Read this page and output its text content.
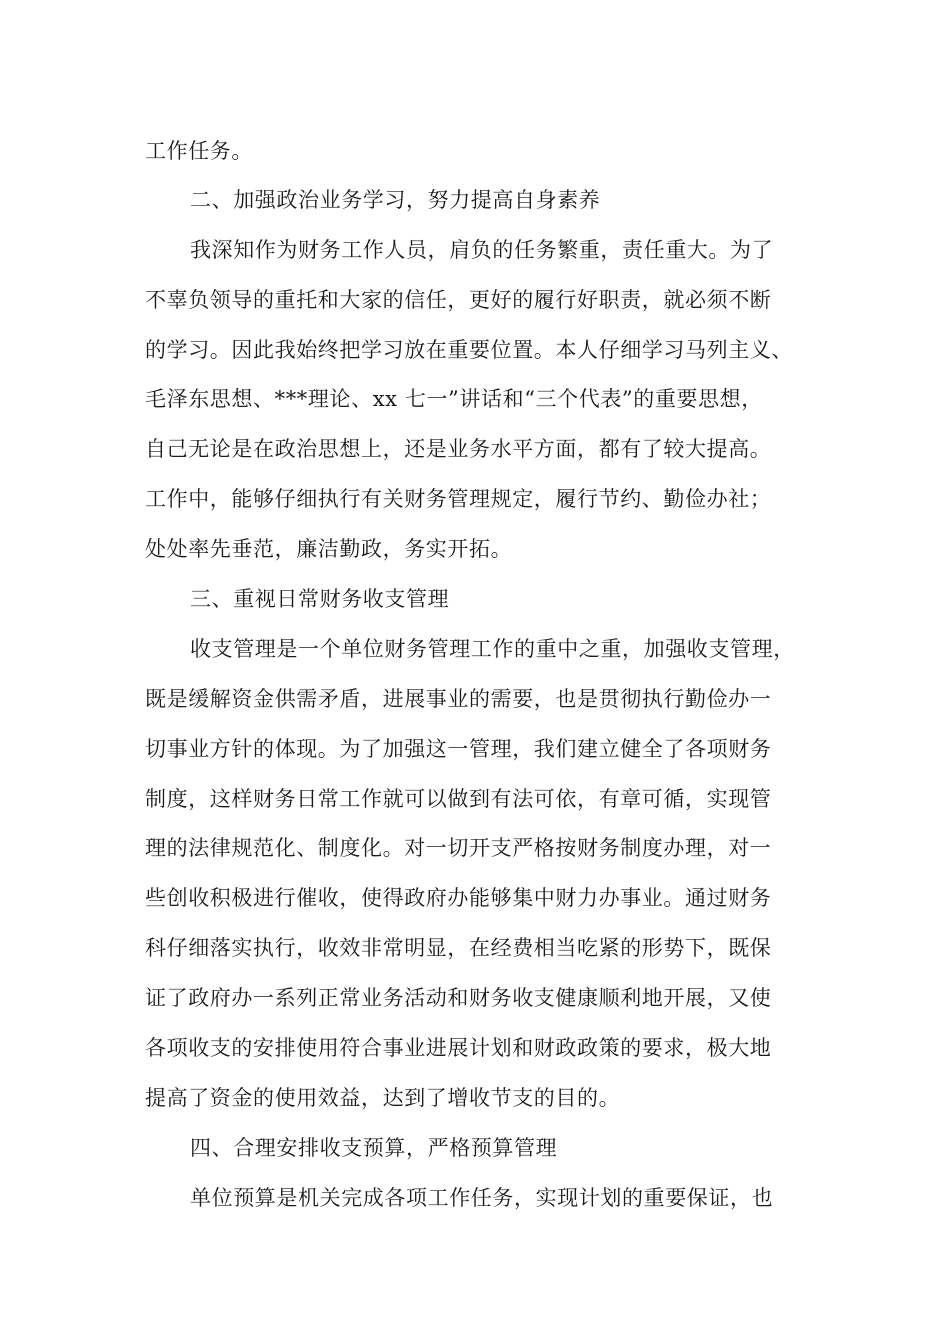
工作任务。
二、加强政治业务学习，努力提高自身素养
我深知作为财务工作人员，肩负的任务繁重，责任重大。为了
不辜负领导的重托和大家的信任，更好的履行好职责，就必须不断
的学习。因此我始终把学习放在重要位置。本人仔细学习马列主义、
毛泽东思想、***理论、xx 七一”讲话和“三个代表”的重要思想，
自己无论是在政治思想上，还是业务水平方面，都有了较大提高。
工作中，能够仔细执行有关财务管理规定，履行节约、勤俭办社；
处处率先垂范，廉洁勤政，务实开拓。
三、重视日常财务收支管理
收支管理是一个单位财务管理工作的重中之重，加强收支管理，
既是缓解资金供需矛盾，进展事业的需要，也是贯彻执行勤俭办一
切事业方针的体现。为了加强这一管理，我们建立健全了各项财务
制度，这样财务日常工作就可以做到有法可依，有章可循，实现管
理的法律规范化、制度化。对一切开支严格按财务制度办理，对一
些创收积极进行催收，使得政府办能够集中财力办事业。通过财务
科仔细落实执行，收效非常明显，在经费相当吃紧的形势下，既保
证了政府办一系列正常业务活动和财务收支健康顺利地开展，又使
各项收支的安排使用符合事业进展计划和财政政策的要求，极大地
提高了资金的使用效益，达到了增收节支的目的。
四、合理安排收支预算，严格预算管理
单位预算是机关完成各项工作任务，实现计划的重要保证，也
